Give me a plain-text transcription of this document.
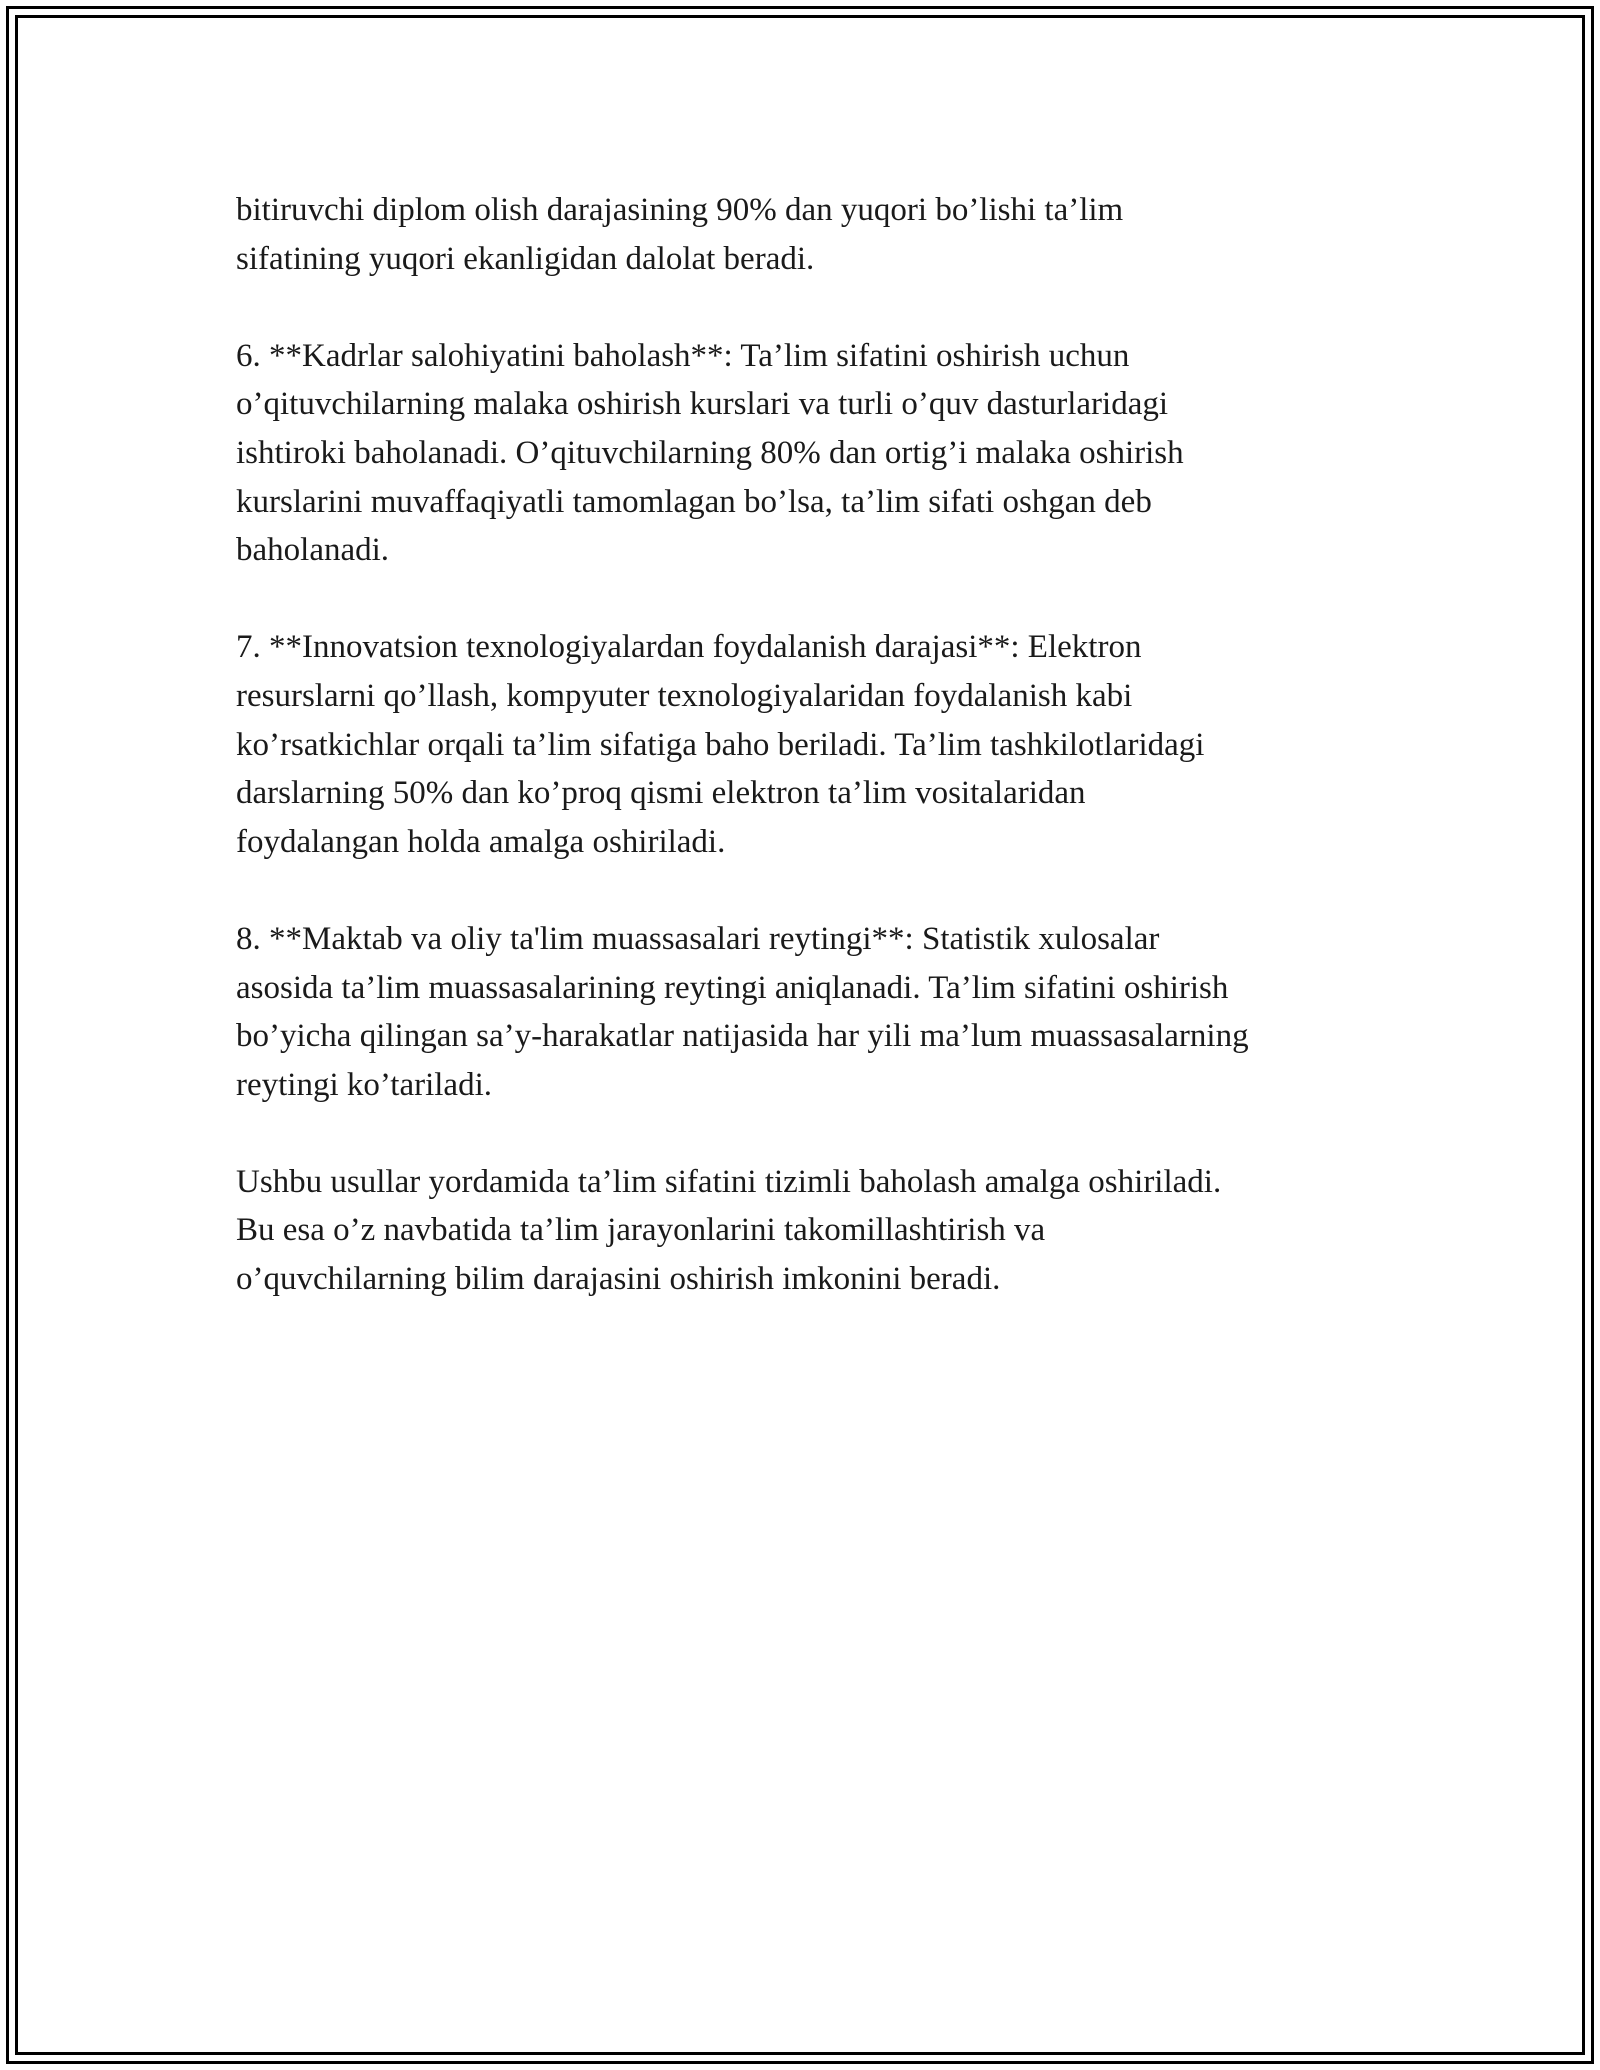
bitiruvchi diplom olish darajasining 90% dan yuqori bo’lishi ta’lim
sifatining yuqori ekanligidan dalolat beradi.

6. **Kadrlar salohiyatini baholash**: Ta’lim sifatini oshirish uchun
o’qituvchilarning malaka oshirish kurslari va turli o’quv dasturlaridagi
ishtiroki baholanadi. O’qituvchilarning 80% dan ortig’i malaka oshirish
kurslarini muvaffaqiyatli tamomlagan bo’lsa, ta’lim sifati oshgan deb
baholanadi.

7. **Innovatsion texnologiyalardan foydalanish darajasi**: Elektron
resurslarni qo’llash, kompyuter texnologiyalaridan foydalanish kabi
ko’rsatkichlar orqali ta’lim sifatiga baho beriladi. Ta’lim tashkilotlaridagi
darslarning 50% dan ko’proq qismi elektron ta’lim vositalaridan
foydalangan holda amalga oshiriladi.

8. **Maktab va oliy ta'lim muassasalari reytingi**: Statistik xulosalar
asosida ta’lim muassasalarining reytingi aniqlanadi. Ta’lim sifatini oshirish
bo’yicha qilingan sa’y-harakatlar natijasida har yili ma’lum muassasalarning
reytingi ko’tariladi.

Ushbu usullar yordamida ta’lim sifatini tizimli baholash amalga oshiriladi.
Bu esa o’z navbatida ta’lim jarayonlarini takomillashtirish va
o’quvchilarning bilim darajasini oshirish imkonini beradi.
